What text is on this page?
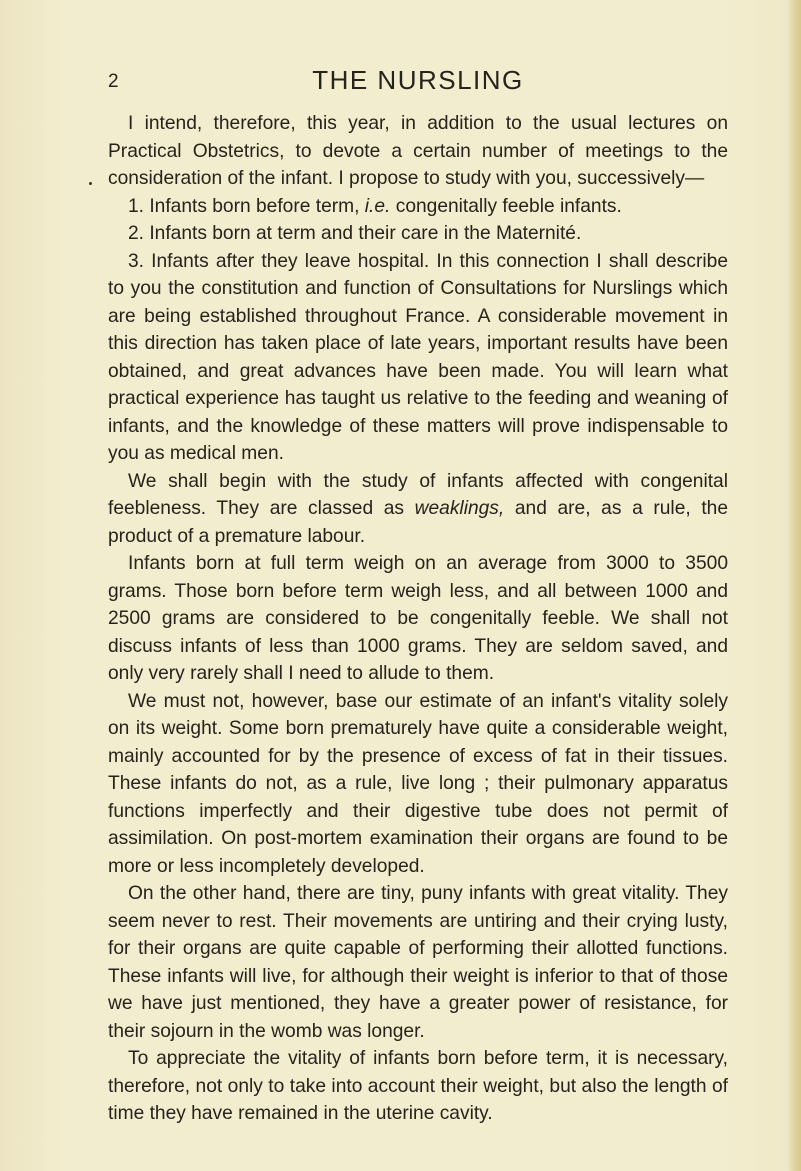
2	THE NURSLING

I intend, therefore, this year, in addition to the usual lectures on Practical Obstetrics, to devote a certain number of meetings to the consideration of the infant. I propose to study with you, successively—

1. Infants born before term, i.e. congenitally feeble infants.

2. Infants born at term and their care in the Maternité.

3. Infants after they leave hospital. In this connection I shall describe to you the constitution and function of Consultations for Nurslings which are being established throughout France. A considerable movement in this direction has taken place of late years, important results have been obtained, and great advances have been made. You will learn what practical experience has taught us relative to the feeding and weaning of infants, and the knowledge of these matters will prove indispensable to you as medical men.

We shall begin with the study of infants affected with congenital feebleness. They are classed as weaklings, and are, as a rule, the product of a premature labour.

Infants born at full term weigh on an average from 3000 to 3500 grams. Those born before term weigh less, and all between 1000 and 2500 grams are considered to be congenitally feeble. We shall not discuss infants of less than 1000 grams. They are seldom saved, and only very rarely shall I need to allude to them.

We must not, however, base our estimate of an infant's vitality solely on its weight. Some born prematurely have quite a considerable weight, mainly accounted for by the presence of excess of fat in their tissues. These infants do not, as a rule, live long ; their pulmonary apparatus functions imperfectly and their digestive tube does not permit of assimilation. On post-mortem examination their organs are found to be more or less incompletely developed.

On the other hand, there are tiny, puny infants with great vitality. They seem never to rest. Their movements are untiring and their crying lusty, for their organs are quite capable of performing their allotted functions. These infants will live, for although their weight is inferior to that of those we have just mentioned, they have a greater power of resistance, for their sojourn in the womb was longer.

To appreciate the vitality of infants born before term, it is necessary, therefore, not only to take into account their weight, but also the length of time they have remained in the uterine cavity.
